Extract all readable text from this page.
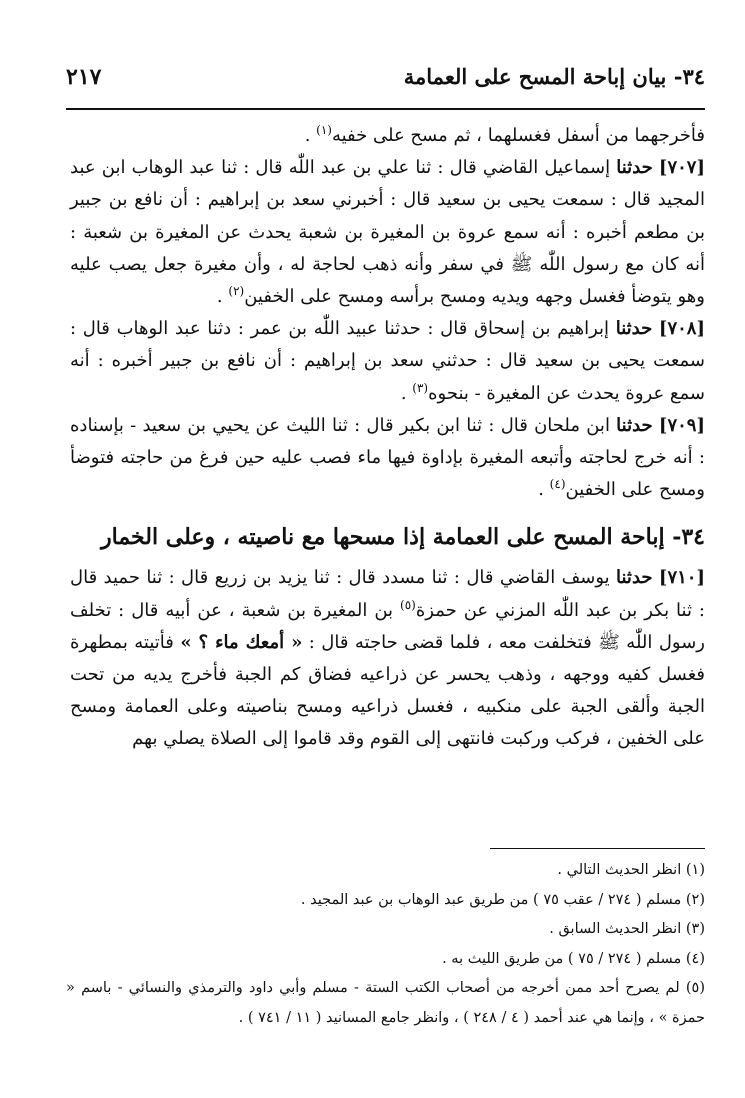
٣٤- بيان إباحة المسح على العمامة
٢١٧

فأخرجهما من أسفل فغسلهما ، ثم مسح على خفيه$^{(١)}$ .

[٧٠٧] حدثنا إسماعيل القاضي قال : ثنا علي بن عبد اللّٰه قال : ثنا عبد الوهاب ابن عبد المجيد قال : سمعت يحيى بن سعيد قال : أخبرني سعد بن إبراهيم : أن نافع بن جبير بن مطعم أخبره : أنه سمع عروة بن المغيرة بن شعبة يحدث عن المغيرة بن شعبة : أنه كان مع رسول اللّٰه ﷺ في سفر وأنه ذهب لحاجة له ، وأن مغيرة جعل يصب عليه وهو يتوضأ فغسل وجهه ويديه ومسح برأسه ومسح على الخفين$^{(٢)}$ .

[٧٠٨] حدثنا إبراهيم بن إسحاق قال : حدثنا عبيد اللّٰه بن عمر : دثنا عبد الوهاب قال : سمعت يحيى بن سعيد قال : حدثني سعد بن إبراهيم : أن نافع بن جبير أخبره : أنه سمع عروة يحدث عن المغيرة - بنحوه$^{(٣)}$ .

[٧٠٩] حدثنا ابن ملحان قال : ثنا ابن بكير قال : ثنا الليث عن يحيي بن سعيد - بإسناده : أنه خرج لحاجته وأتبعه المغيرة بإداوة فيها ماء فصب عليه حين فرغ من حاجته فتوضأ ومسح على الخفين$^{(٤)}$ .

٣٤- إباحة المسح على العمامة إذا مسحها مع ناصيته ، وعلى الخمار

[٧١٠] حدثنا يوسف القاضي قال : ثنا مسدد قال : ثنا يزيد بن زريع قال : ثنا حميد قال : ثنا بكر بن عبد اللّٰه المزني عن حمزة$^{(٥)}$ بن المغيرة بن شعبة ، عن أبيه قال : تخلف رسول اللّٰه ﷺ فتخلفت معه ، فلما قضى حاجته قال : « أمعك ماء ؟ » فأتيته بمطهرة فغسل كفيه ووجهه ، وذهب يحسر عن ذراعيه فضاق كم الجبة فأخرج يديه من تحت الجبة وألقى الجبة على منكبيه ، فغسل ذراعيه ومسح بناصيته وعلى العمامة ومسح على الخفين ، فركب وركبت فانتهى إلى القوم وقد قاموا إلى الصلاة يصلي بهم

(١) انظر الحديث التالي .

(٢) مسلم ( ٢٧٤ / عقب ٧٥ ) من طريق عبد الوهاب بن عبد المجيد .

(٣) انظر الحديث السابق .

(٤) مسلم ( ٢٧٤ / ٧٥ ) من طريق الليث به .

(٥) لم يصرح أحد ممن أخرجه من أصحاب الكتب الستة - مسلم وأبي داود والترمذي والنسائي - باسم « حمزة » ، وإنما هي عند أحمد ( ٤ / ٢٤٨ ) ، وانظر جامع المسانيد ( ١١ / ٧٤١ ) .
